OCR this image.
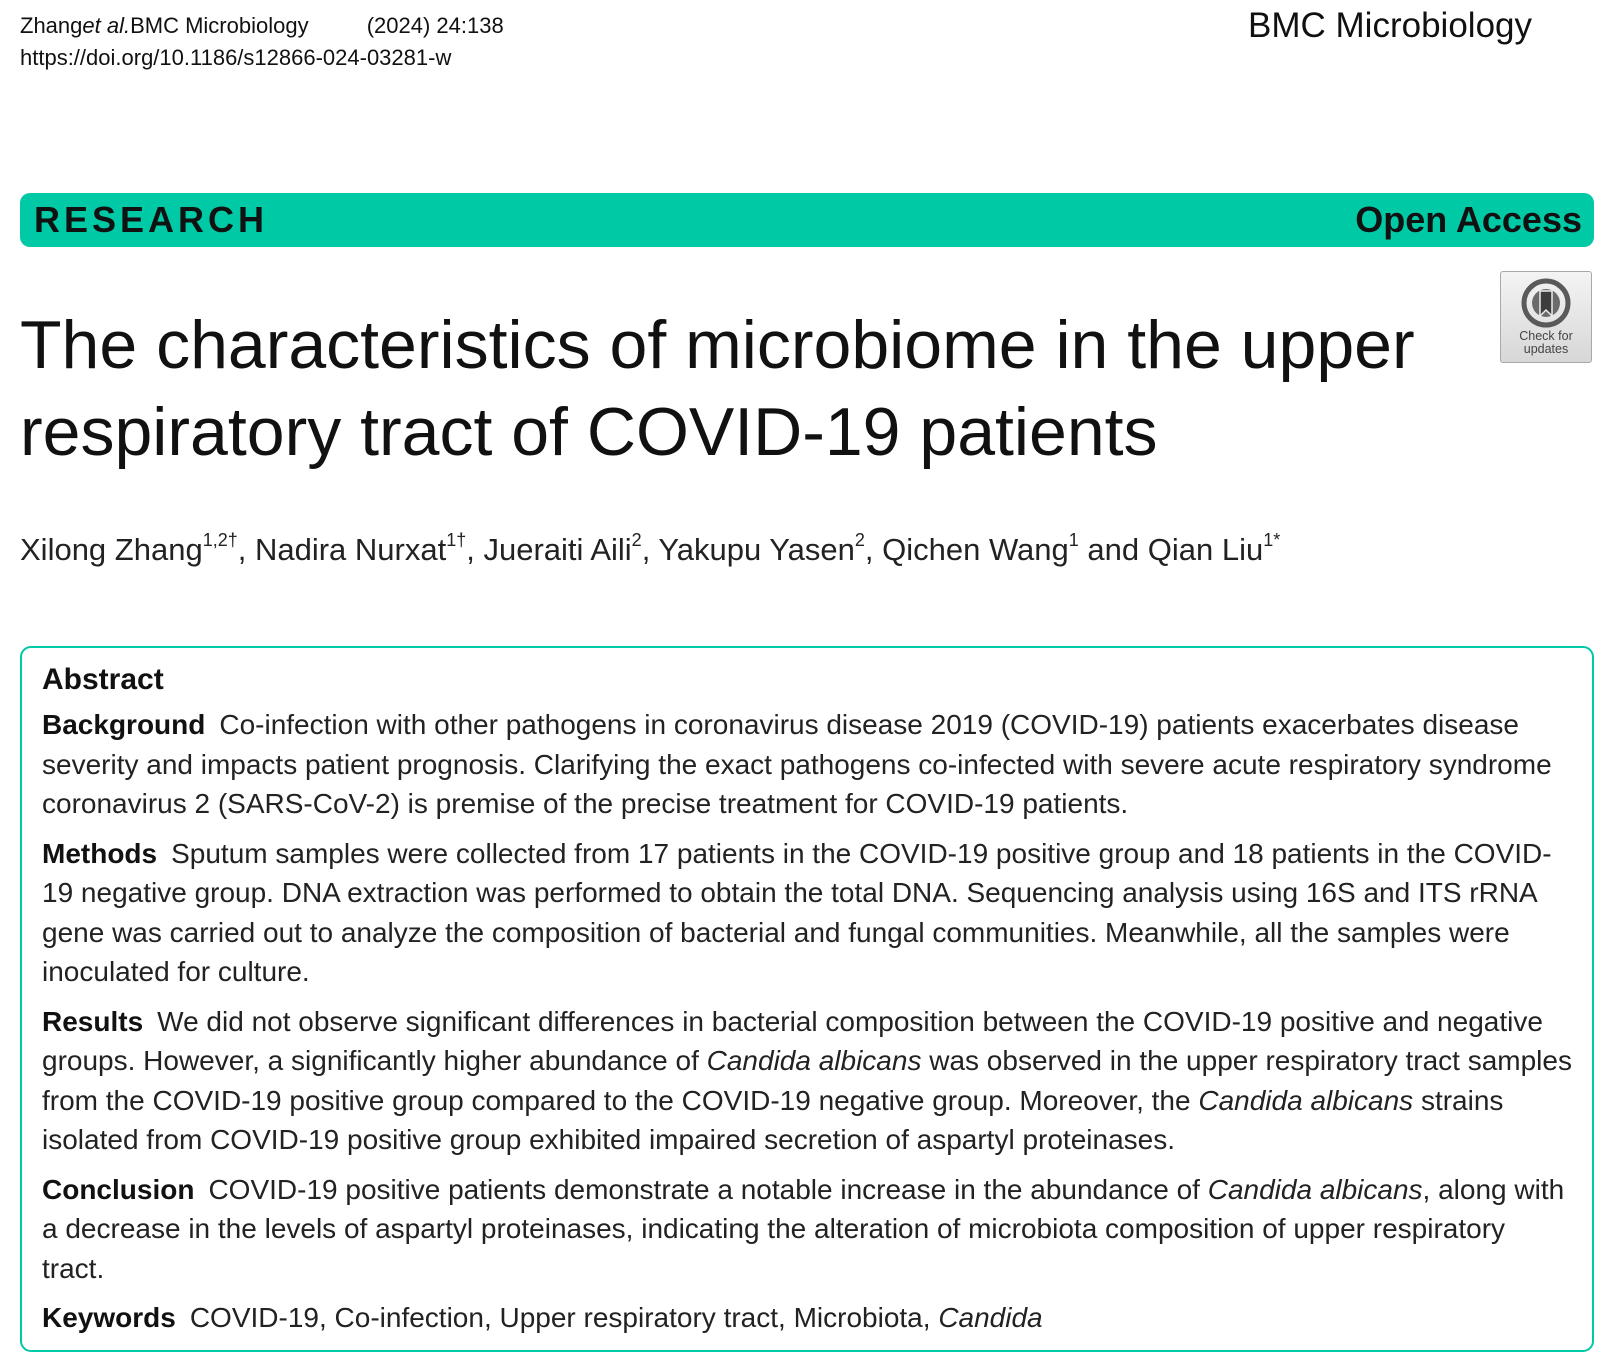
Zhanget al.BMC Microbiology	(2024) 24:138
https://doi.org/10.1186/s12866-024-03281-w
BMC Microbiology
RESEARCH	Open Access
Check for
updates
The characteristics of microbiome in the upper respiratory tract of COVID-19 patients
Xilong Zhang$^{1,2\dagger}$, Nadira Nurxat$^{1\dagger}$, Jueraiti Aili$^2$, Yakupu Yasen$^2$, Qichen Wang$^1$ and Qian Liu$^{1*}$
Abstract

Background Co-infection with other pathogens in coronavirus disease 2019 (COVID-19) patients exacerbates disease severity and impacts patient prognosis. Clarifying the exact pathogens co-infected with severe acute respiratory syndrome coronavirus 2 (SARS-CoV-2) is premise of the precise treatment for COVID-19 patients.

Methods Sputum samples were collected from 17 patients in the COVID-19 positive group and 18 patients in the COVID-19 negative group. DNA extraction was performed to obtain the total DNA. Sequencing analysis using 16S and ITS rRNA gene was carried out to analyze the composition of bacterial and fungal communities. Meanwhile, all the samples were inoculated for culture.

Results We did not observe significant differences in bacterial composition between the COVID-19 positive and negative groups. However, a significantly higher abundance of Candida albicans was observed in the upper respiratory tract samples from the COVID-19 positive group compared to the COVID-19 negative group. Moreover, the Candida albicans strains isolated from COVID-19 positive group exhibited impaired secretion of aspartyl proteinases.

Conclusion COVID-19 positive patients demonstrate a notable increase in the abundance of Candida albicans, along with a decrease in the levels of aspartyl proteinases, indicating the alteration of microbiota composition of upper respiratory tract.

Keywords COVID-19, Co-infection, Upper respiratory tract, Microbiota, Candida
